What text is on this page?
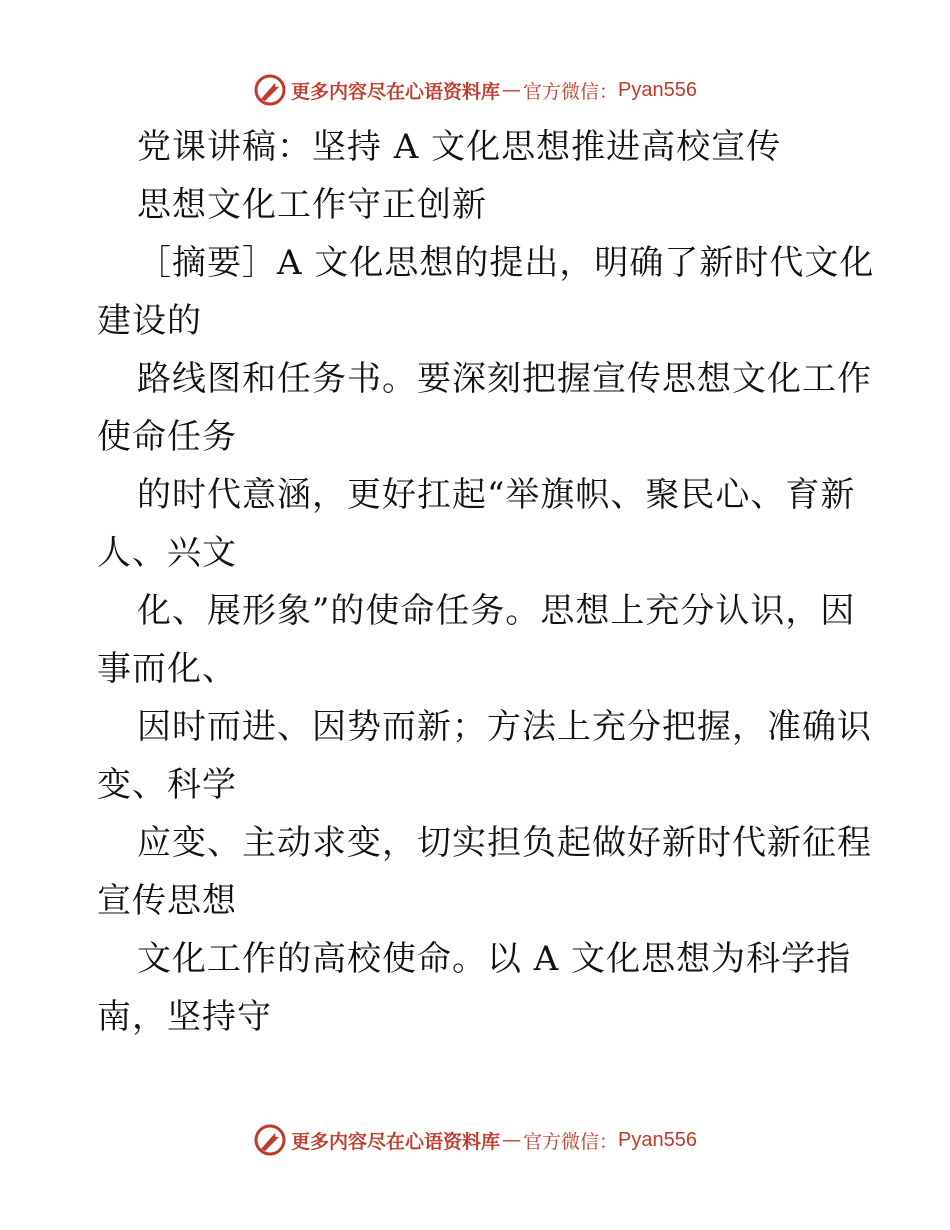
更多内容尽在心语资料库 — 官方微信： Pyan556
党课讲稿：坚持 A 文化思想推进高校宣传
思想文化工作守正创新
［摘要］A 文化思想的提出，明确了新时代文化
建设的
路线图和任务书。要深刻把握宣传思想文化工作
使命任务
的时代意涵，更好扛起“举旗帜、聚民心、育新
人、兴文
化、展形象”的使命任务。思想上充分认识，因
事而化、
因时而进、因势而新；方法上充分把握，准确识
变、科学
应变、主动求变，切实担负起做好新时代新征程
宣传思想
文化工作的高校使命。以 A 文化思想为科学指
南，坚持守
更多内容尽在心语资料库 — 官方微信： Pyan556
